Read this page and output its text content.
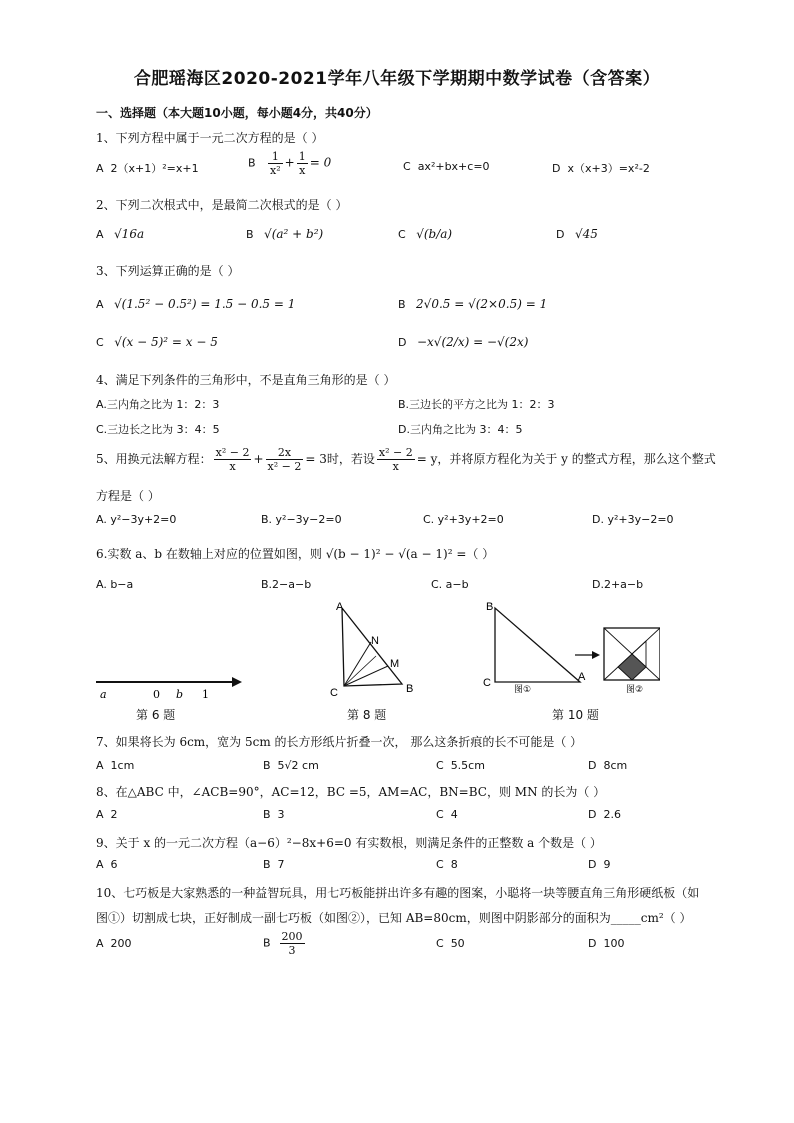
合肥瑶海区2020-2021学年八年级下学期期中数学试卷（含答案）
一、选择题（本大题10小题，每小题4分，共40分）
1、下列方程中属于一元二次方程的是（ ）
A 2（x+1）²=x+1	B $\frac{1}{\text{x²}} + \frac{1}{x} = 0$	C ax²+bx+c=0	D x（x+3）=x²-2
2、下列二次根式中，是最简二次根式的是（ ）
A √16a	B √(a² + b²)	C √(b/a)	D √45
3、下列运算正确的是（ ）
A √(1.5² − 0.5²) = 1.5 − 0.5 = 1	B 2√0.5 = √(2×0.5) = 1
C √(x − 5)² = x − 5	D −x√(2/x) = −√(2x)
4、满足下列条件的三角形中，不是直角三角形的是（ ）
A.三内角之比为 1：2：3	B.三边长的平方之比为 1：2：3
C.三边长之比为 3：4：5	D.三内角之比为 3：4：5
5、用换元法解方程： $\frac{\text{x² − 2}}{x} + \frac{2x}{\text{x² − 2}} = 3$时，若设 $\frac{\text{x² − 2}}{x} = y$，并将原方程化为关于 y 的整式方程，那么这个整式
方程是（ ）
A. y²−3y+2=0	B. y²−3y−2=0	C. y²+3y+2=0	D. y²+3y−2=0
6.实数 a、b 在数轴上对应的位置如图，则 √(b − 1)² − √(a − 1)² =（ ）
A. b−a	B.2−a−b	C. a−b	D.2+a−b
a	0 b 1
第 6 题
A
B
C
M
N
第 8 题
B
C	A
图①	图②
第 10 题
7、如果将长为 6cm，宽为 5cm 的长方形纸片折叠一次， 那么这条折痕的长不可能是（ ）
A 1cm	B 5√2 cm	C 5.5cm	D 8cm
8、在△ABC 中，∠ACB=90°，AC=12，BC =5，AM=AC，BN=BC，则 MN 的长为（ ）
A 2	B 3	C 4	D 2.6
9、关于 x 的一元二次方程（a−6）²−8x+6=0 有实数根，则满足条件的正整数 a 个数是（ ）
A 6	B 7	C 8	D 9
10、七巧板是大家熟悉的一种益智玩具，用七巧板能拼出许多有趣的图案，小聪将一块等腰直角三角形硬纸板（如
图①）切割成七块，正好制成一副七巧板（如图②），已知 AB=80cm，则图中阴影部分的面积为_____cm²（ ）
A 200	B $\frac{200}{3}$	C 50	D 100
